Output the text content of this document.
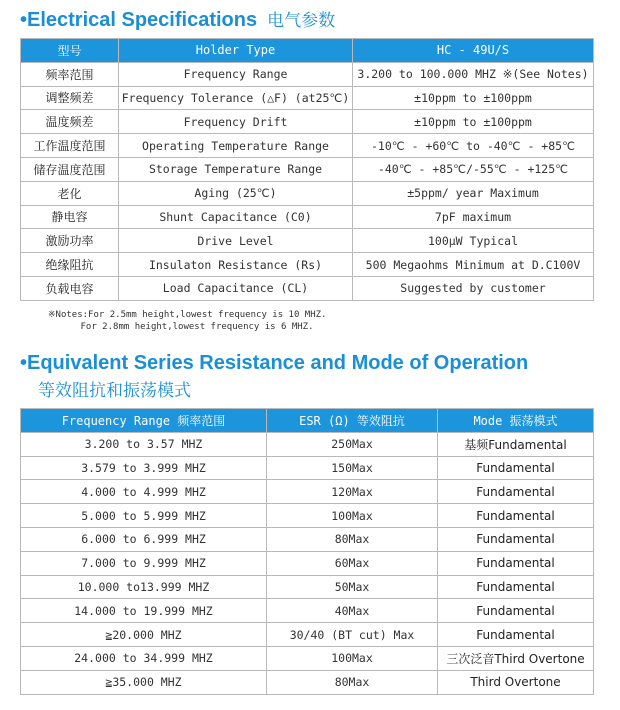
•Electrical Specifications 电气参数
型号	Holder Type	HC - 49U/S
频率范围	Frequency Range	3.200 to 100.000 MHZ ※(See Notes)
调整频差	Frequency Tolerance (△F) (at25℃)	±10ppm to ±100ppm
温度频差	Frequency Drift	±10ppm to ±100ppm
工作温度范围	Operating Temperature Range	-10℃ - +60℃ to -40℃ - +85℃
储存温度范围	Storage Temperature Range	-40℃ - +85℃/-55℃ - +125℃
老化	Aging (25℃)	±5ppm/ year Maximum
静电容	Shunt Capacitance (C0)	7pF maximum
激励功率	Drive Level	100μW Typical
绝缘阻抗	Insulaton Resistance (Rs)	500 Megaohms Minimum at D.C100V
负载电容	Load Capacitance (CL)	Suggested by customer
※Notes:For 2.5mm height,lowest frequency is 10 MHZ.
For 2.8mm height,lowest frequency is 6 MHZ.
•Equivalent Series Resistance and Mode of Operation
等效阻抗和振荡模式
Frequency Range 频率范围	ESR (Ω) 等效阻抗	Mode 振荡模式
3.200 to 3.57 MHZ	250Max	基频Fundamental
3.579 to 3.999 MHZ	150Max	Fundamental
4.000 to 4.999 MHZ	120Max	Fundamental
5.000 to 5.999 MHZ	100Max	Fundamental
6.000 to 6.999 MHZ	80Max	Fundamental
7.000 to 9.999 MHZ	60Max	Fundamental
10.000 to13.999 MHZ	50Max	Fundamental
14.000 to 19.999 MHZ	40Max	Fundamental
≧20.000 MHZ	30/40 (BT cut) Max	Fundamental
24.000 to 34.999 MHZ	100Max	三次泛音Third Overtone
≧35.000 MHZ	80Max	Third Overtone
